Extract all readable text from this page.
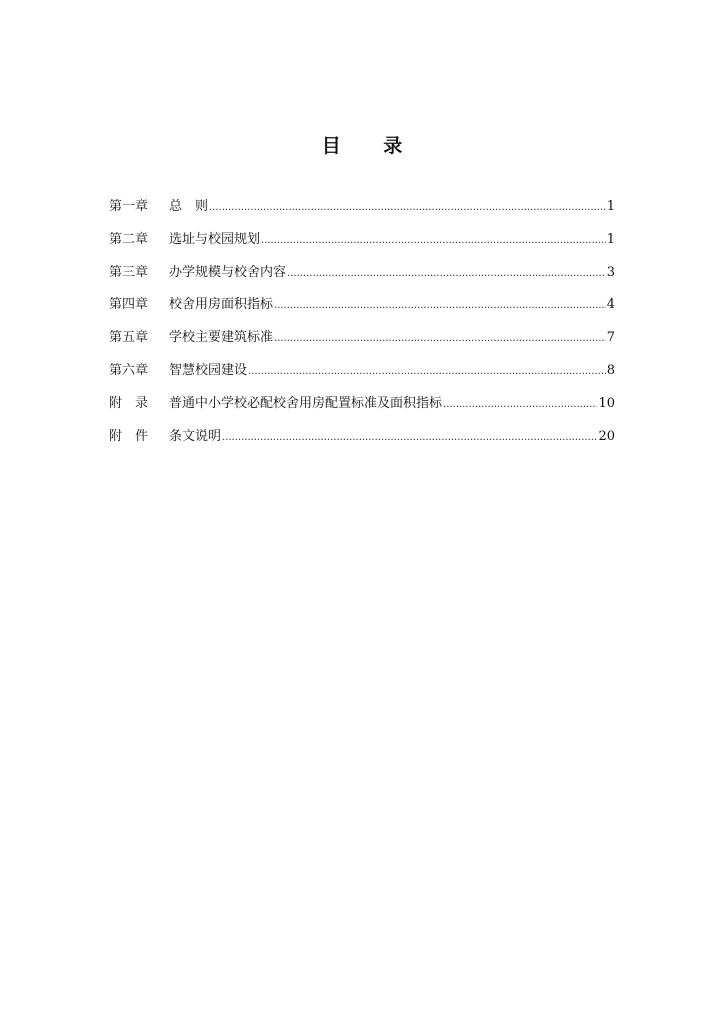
目 录
第一章	总　则 .....	1
第二章	选址与校园规划 .....	1
第三章	办学规模与校舍内容 .....	3
第四章	校舍用房面积指标 .....	4
第五章	学校主要建筑标准 .....	7
第六章	智慧校园建设 .....	8
附　录	普通中小学校必配校舍用房配置标准及面积指标 .....	10
附　件	条文说明 .....	20
